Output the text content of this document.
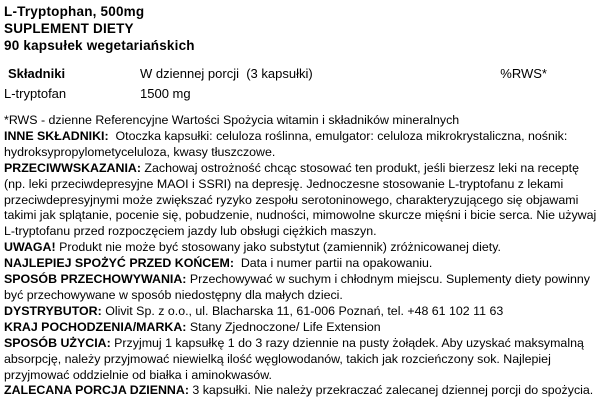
L-Tryptophan, 500mg
SUPLEMENT DIETY
90 kapsułek wegetariańskich
Składniki	W dziennej porcji  (3 kapsułki)	%RWS*
L-tryptofan	1500 mg

*RWS - dzienne Referencyjne Wartości Spożycia witamin i składników mineralnych

INNE SKŁADNIKI:  Otoczka kapsułki: celuloza roślinna, emulgator: celuloza mikrokrystaliczna, nośnik: hydroksypropylometyceluloza, kwasy tłuszczowe.

PRZECIWWSKAZANIA: Zachowaj ostrożność chcąc stosować ten produkt, jeśli bierzesz leki na receptę (np. leki przeciwdepresyjne MAOI i SSRI) na depresję. Jednoczesne stosowanie L-tryptofanu z lekami przeciwdepresyjnymi może zwiększać ryzyko zespołu serotoninowego, charakteryzującego się objawami takimi jak splątanie, pocenie się, pobudzenie, nudności, mimowolne skurcze mięśni i bicie serca. Nie używaj L-tryptofanu przed rozpoczęciem jazdy lub obsługi ciężkich maszyn.

UWAGA! Produkt nie może być stosowany jako substytut (zamiennik) zróżnicowanej diety.

NAJLEPIEJ SPOŻYĆ PRZED KOŃCEM:  Data i numer partii na opakowaniu.

SPOSÓB PRZECHOWYWANIA: Przechowywać w suchym i chłodnym miejscu. Suplementy diety powinny być przechowywane w sposób niedostępny dla małych dzieci.

DYSTRYBUTOR: Olivit Sp. z o.o., ul. Blacharska 11, 61-006 Poznań, tel. +48 61 102 11 63

KRAJ POCHODZENIA/MARKA: Stany Zjednoczone/ Life Extension

SPOSÓB UŻYCIA: Przyjmuj 1 kapsułkę 1 do 3 razy dziennie na pusty żołądek. Aby uzyskać maksymalną absorpcję, należy przyjmować niewielką ilość węglowodanów, takich jak rozcieńczony sok. Najlepiej przyjmować oddzielnie od białka i aminokwasów.

ZALECANA PORCJA DZIENNA: 3 kapsułki. Nie należy przekraczać zalecanej dziennej porcji do spożycia.
